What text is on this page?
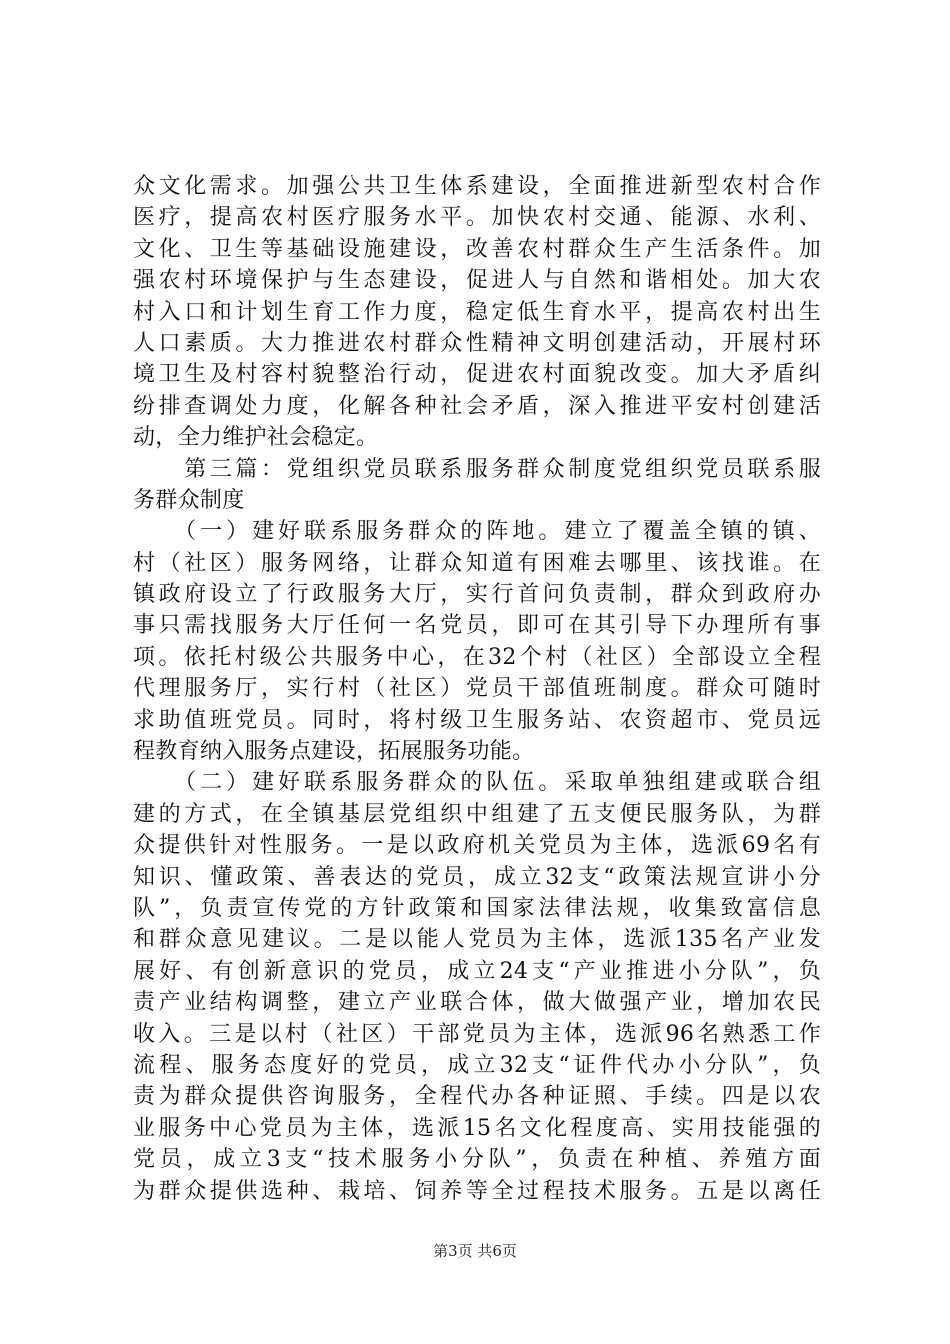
众文化需求。加强公共卫生体系建设，全面推进新型农村合作
医疗，提高农村医疗服务水平。加快农村交通、能源、水利、
文化、卫生等基础设施建设，改善农村群众生产生活条件。加
强农村环境保护与生态建设，促进人与自然和谐相处。加大农
村入口和计划生育工作力度，稳定低生育水平，提高农村出生
人口素质。大力推进农村群众性精神文明创建活动，开展村环
境卫生及村容村貌整治行动，促进农村面貌改变。加大矛盾纠
纷排查调处力度，化解各种社会矛盾，深入推进平安村创建活
动，全力维护社会稳定。
　　第三篇：党组织党员联系服务群众制度党组织党员联系服
务群众制度
　　（一）建好联系服务群众的阵地。建立了覆盖全镇的镇、
村（社区）服务网络，让群众知道有困难去哪里、该找谁。在
镇政府设立了行政服务大厅，实行首问负责制，群众到政府办
事只需找服务大厅任何一名党员，即可在其引导下办理所有事
项。依托村级公共服务中心，在32个村（社区）全部设立全程
代理服务厅，实行村（社区）党员干部值班制度。群众可随时
求助值班党员。同时，将村级卫生服务站、农资超市、党员远
程教育纳入服务点建设，拓展服务功能。
　　（二）建好联系服务群众的队伍。采取单独组建或联合组
建的方式，在全镇基层党组织中组建了五支便民服务队，为群
众提供针对性服务。一是以政府机关党员为主体，选派69名有
知识、懂政策、善表达的党员，成立32支“政策法规宣讲小分
队”，负责宣传党的方针政策和国家法律法规，收集致富信息
和群众意见建议。二是以能人党员为主体，选派135名产业发
展好、有创新意识的党员，成立24支“产业推进小分队”，负
责产业结构调整，建立产业联合体，做大做强产业，增加农民
收入。三是以村（社区）干部党员为主体，选派96名熟悉工作
流程、服务态度好的党员，成立32支“证件代办小分队”，负
责为群众提供咨询服务，全程代办各种证照、手续。四是以农
业服务中心党员为主体，选派15名文化程度高、实用技能强的
党员，成立3支“技术服务小分队”，负责在种植、养殖方面
为群众提供选种、栽培、饲养等全过程技术服务。五是以离任
第3页 共6页
